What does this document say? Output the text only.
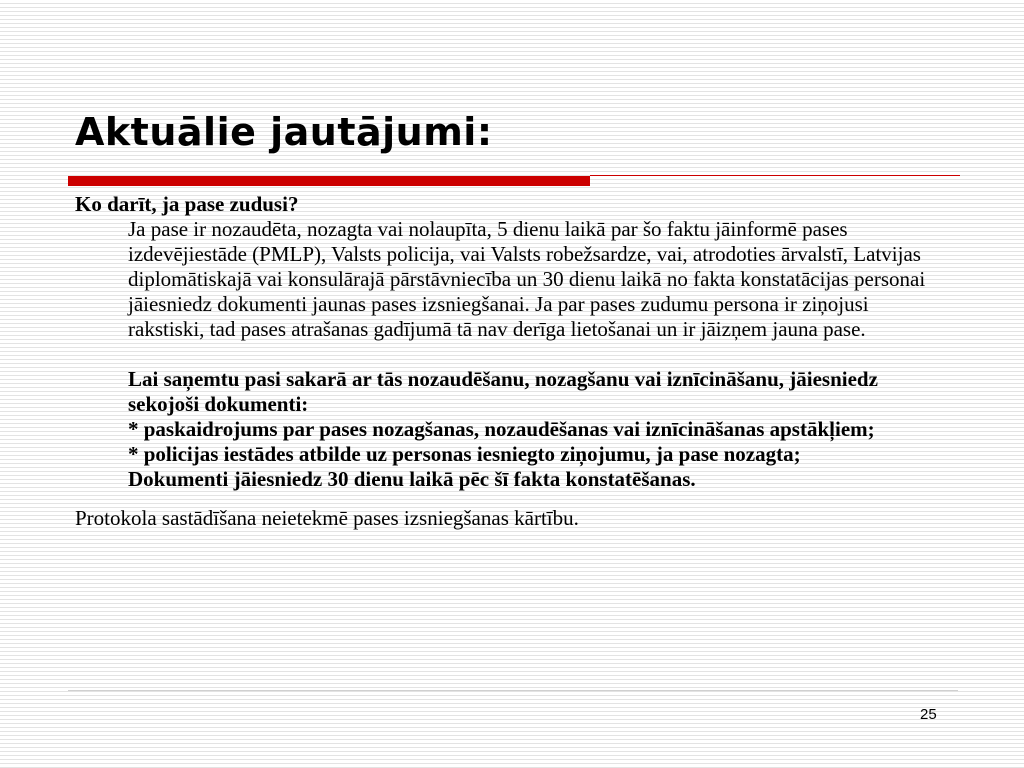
Aktuālie jautājumi:

Ko darīt, ja pase zudusi?

Ja pase ir nozaudēta, nozagta vai nolaupīta, 5 dienu laikā par šo faktu jāinformē pases izdevējiestāde (PMLP), Valsts policija, vai Valsts robežsardze, vai, atrodoties ārvalstī, Latvijas diplomātiskajā vai konsulārajā pārstāvniecība un 30 dienu laikā no fakta konstatācijas personai jāiesniedz dokumenti jaunas pases izsniegšanai. Ja par pases zudumu persona ir ziņojusi rakstiski, tad pases atrašanas gadījumā tā nav derīga lietošanai un ir jāizņem jauna pase.

Lai saņemtu pasi sakarā ar tās nozaudēšanu, nozagšanu vai iznīcināšanu, jāiesniedz sekojoši dokumenti:

* paskaidrojums par pases nozagšanas, nozaudēšanas vai iznīcināšanas apstākļiem;

* policijas iestādes atbilde uz personas iesniegto ziņojumu, ja pase nozagta;

Dokumenti jāiesniedz 30 dienu laikā pēc šī fakta konstatēšanas.

Protokola sastādīšana neietekmē pases izsniegšanas kārtību.

25
